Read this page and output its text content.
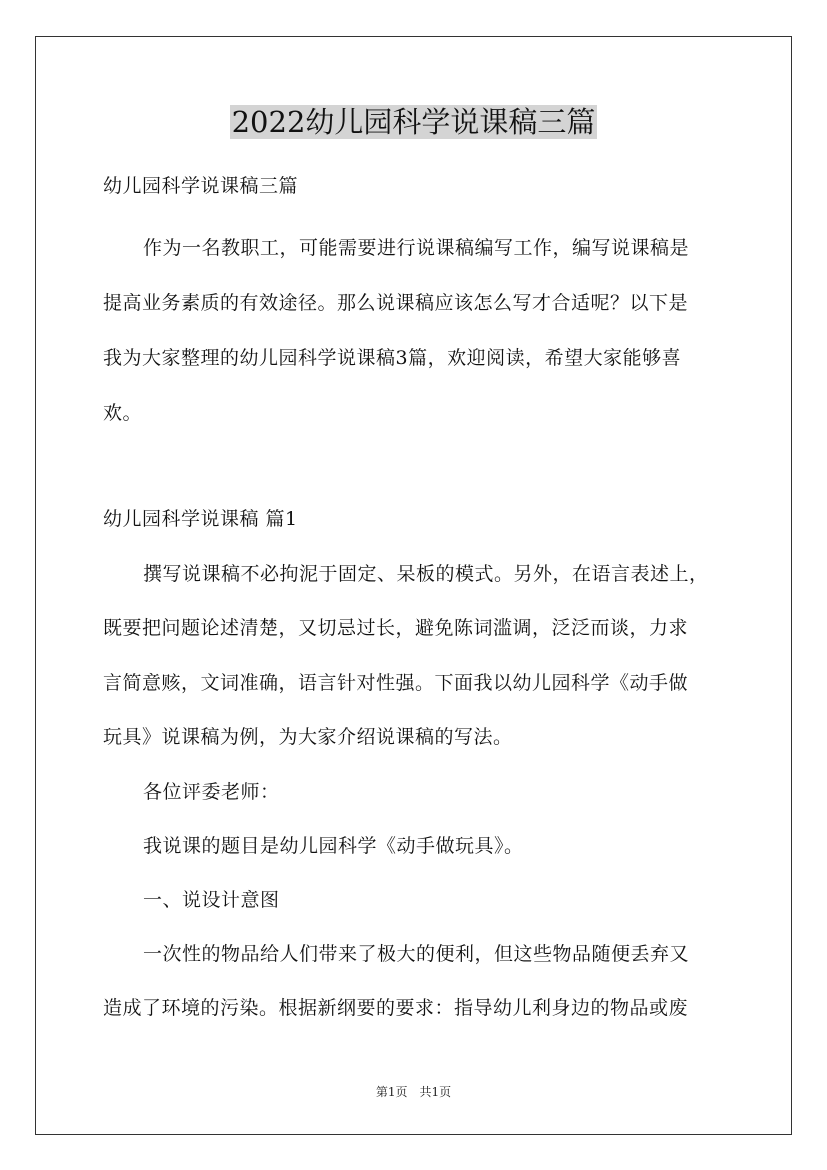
2022幼儿园科学说课稿三篇

幼儿园科学说课稿三篇

作为一名教职工，可能需要进行说课稿编写工作，编写说课稿是

提高业务素质的有效途径。那么说课稿应该怎么写才合适呢？以下是

我为大家整理的幼儿园科学说课稿3篇，欢迎阅读，希望大家能够喜

欢。

幼儿园科学说课稿 篇1

撰写说课稿不必拘泥于固定、呆板的模式。另外，在语言表述上，

既要把问题论述清楚，又切忌过长，避免陈词滥调，泛泛而谈，力求

言简意赅，文词准确，语言针对性强。下面我以幼儿园科学《动手做

玩具》说课稿为例，为大家介绍说课稿的写法。

各位评委老师：

我说课的题目是幼儿园科学《动手做玩具》。

一、说设计意图

一次性的物品给人们带来了极大的便利，但这些物品随便丢弃又

造成了环境的污染。根据新纲要的要求：指导幼儿利身边的物品或废

第1页　共1页
